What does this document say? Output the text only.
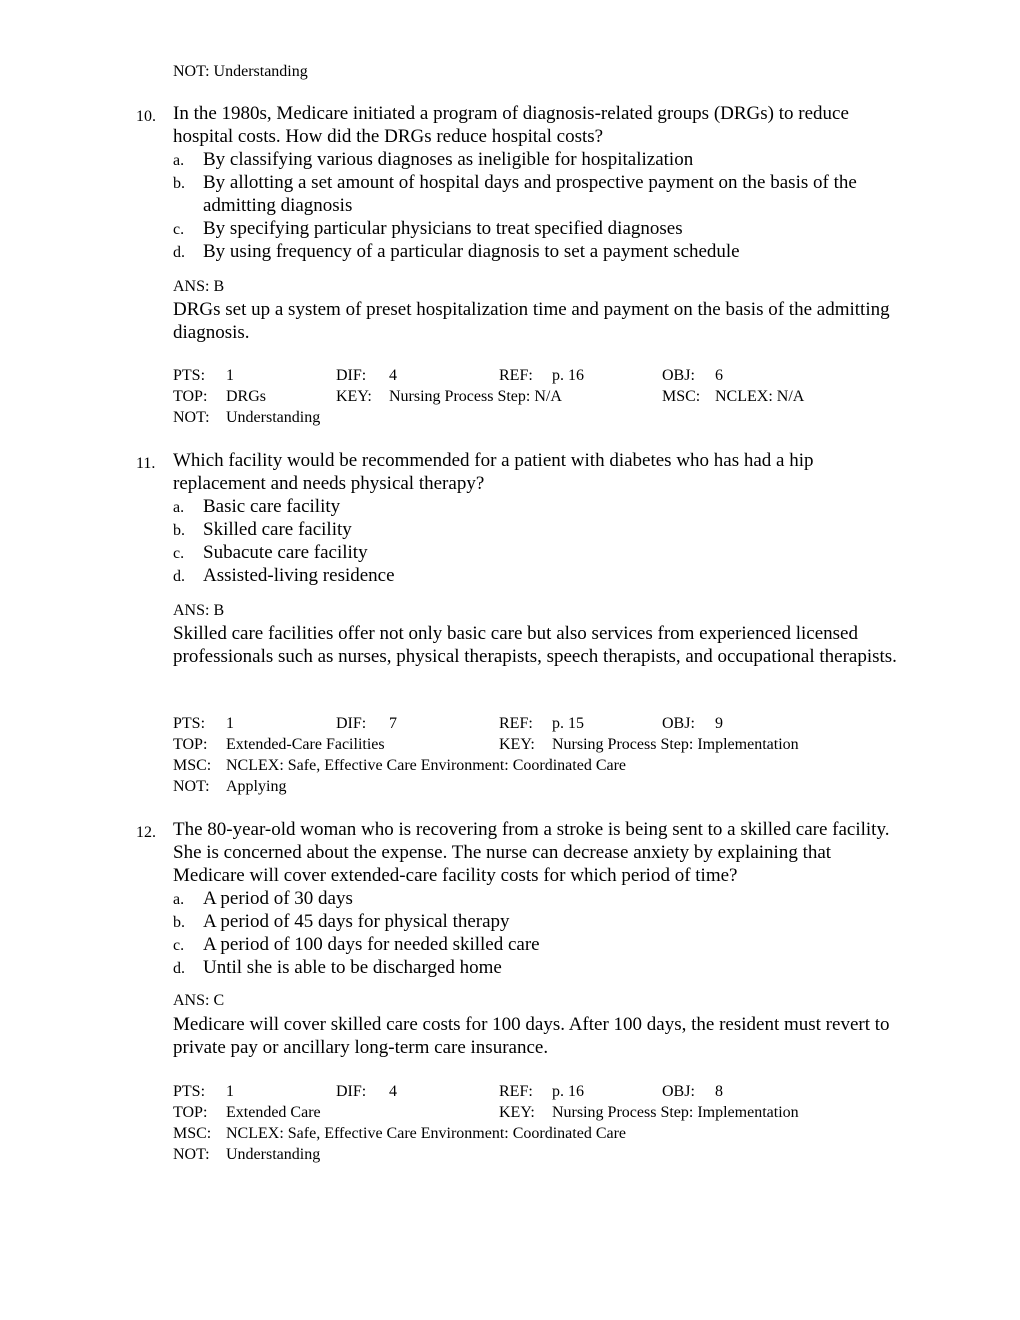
NOT: Understanding
10. In the 1980s, Medicare initiated a program of diagnosis-related groups (DRGs) to reduce hospital costs. How did the DRGs reduce hospital costs?
a. By classifying various diagnoses as ineligible for hospitalization
b. By allotting a set amount of hospital days and prospective payment on the basis of the admitting diagnosis
c. By specifying particular physicians to treat specified diagnoses
d. By using frequency of a particular diagnosis to set a payment schedule
ANS: B
DRGs set up a system of preset hospitalization time and payment on the basis of the admitting diagnosis.
PTS: 1	DIF: 4	REF: p. 16	OBJ: 6
TOP: DRGs	KEY: Nursing Process Step: N/A	MSC: NCLEX: N/A
NOT: Understanding
11. Which facility would be recommended for a patient with diabetes who has had a hip replacement and needs physical therapy?
a. Basic care facility
b. Skilled care facility
c. Subacute care facility
d. Assisted-living residence
ANS: B
Skilled care facilities offer not only basic care but also services from experienced licensed professionals such as nurses, physical therapists, speech therapists, and occupational therapists.
PTS: 1	DIF: 7	REF: p. 15	OBJ: 9
TOP: Extended-Care Facilities	KEY: Nursing Process Step: Implementation
MSC: NCLEX: Safe, Effective Care Environment: Coordinated Care
NOT: Applying
12. The 80-year-old woman who is recovering from a stroke is being sent to a skilled care facility. She is concerned about the expense. The nurse can decrease anxiety by explaining that Medicare will cover extended-care facility costs for which period of time?
a. A period of 30 days
b. A period of 45 days for physical therapy
c. A period of 100 days for needed skilled care
d. Until she is able to be discharged home
ANS: C
Medicare will cover skilled care costs for 100 days. After 100 days, the resident must revert to private pay or ancillary long-term care insurance.
PTS: 1	DIF: 4	REF: p. 16	OBJ: 8
TOP: Extended Care	KEY: Nursing Process Step: Implementation
MSC: NCLEX: Safe, Effective Care Environment: Coordinated Care
NOT: Understanding
